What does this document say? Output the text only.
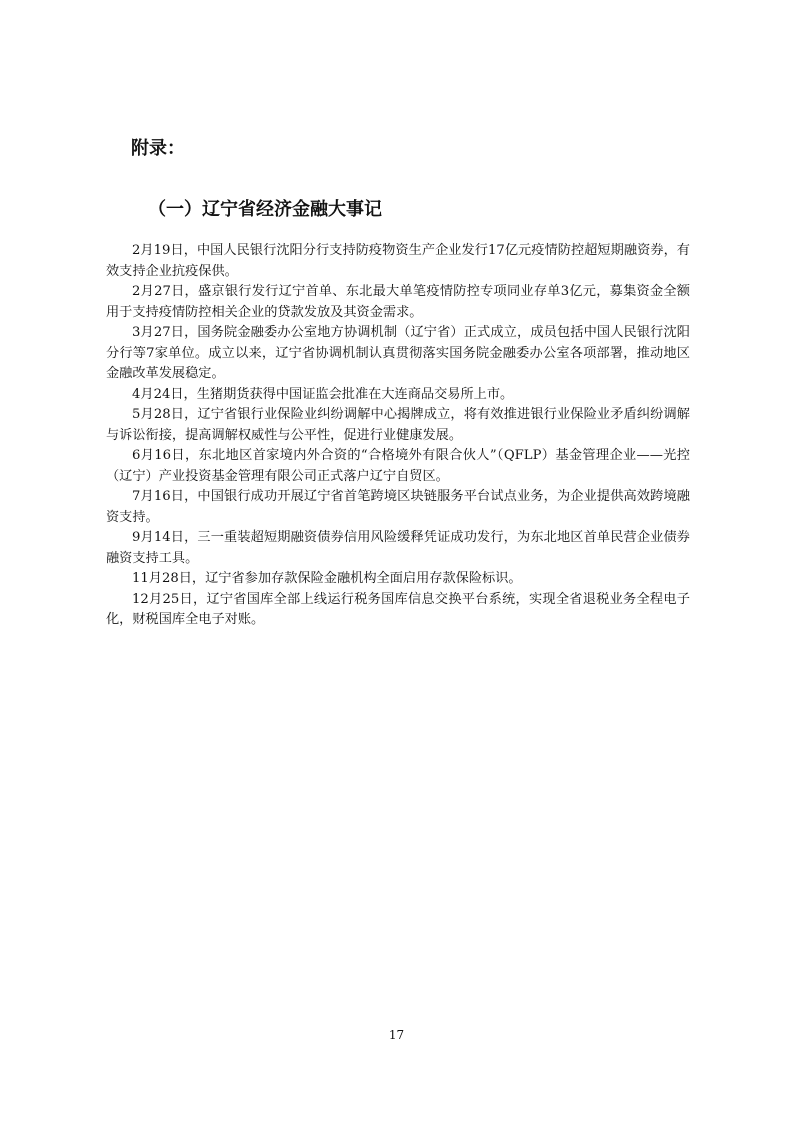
附录：
（一）辽宁省经济金融大事记
2月19日，中国人民银行沈阳分行支持防疫物资生产企业发行17亿元疫情防控超短期融资券，有效支持企业抗疫保供。
2月27日，盛京银行发行辽宁首单、东北最大单笔疫情防控专项同业存单3亿元，募集资金全额用于支持疫情防控相关企业的贷款发放及其资金需求。
3月27日，国务院金融委办公室地方协调机制（辽宁省）正式成立，成员包括中国人民银行沈阳分行等7家单位。成立以来，辽宁省协调机制认真贯彻落实国务院金融委办公室各项部署，推动地区金融改革发展稳定。
4月24日，生猪期货获得中国证监会批准在大连商品交易所上市。
5月28日，辽宁省银行业保险业纠纷调解中心揭牌成立，将有效推进银行业保险业矛盾纠纷调解与诉讼衔接，提高调解权威性与公平性，促进行业健康发展。
6月16日，东北地区首家境内外合资的“合格境外有限合伙人”（QFLP）基金管理企业——光控（辽宁）产业投资基金管理有限公司正式落户辽宁自贸区。
7月16日，中国银行成功开展辽宁省首笔跨境区块链服务平台试点业务，为企业提供高效跨境融资支持。
9月14日，三一重装超短期融资债券信用风险缓释凭证成功发行，为东北地区首单民营企业债券融资支持工具。
11月28日，辽宁省参加存款保险金融机构全面启用存款保险标识。
12月25日，辽宁省国库全部上线运行税务国库信息交换平台系统，实现全省退税业务全程电子化，财税国库全电子对账。
17
